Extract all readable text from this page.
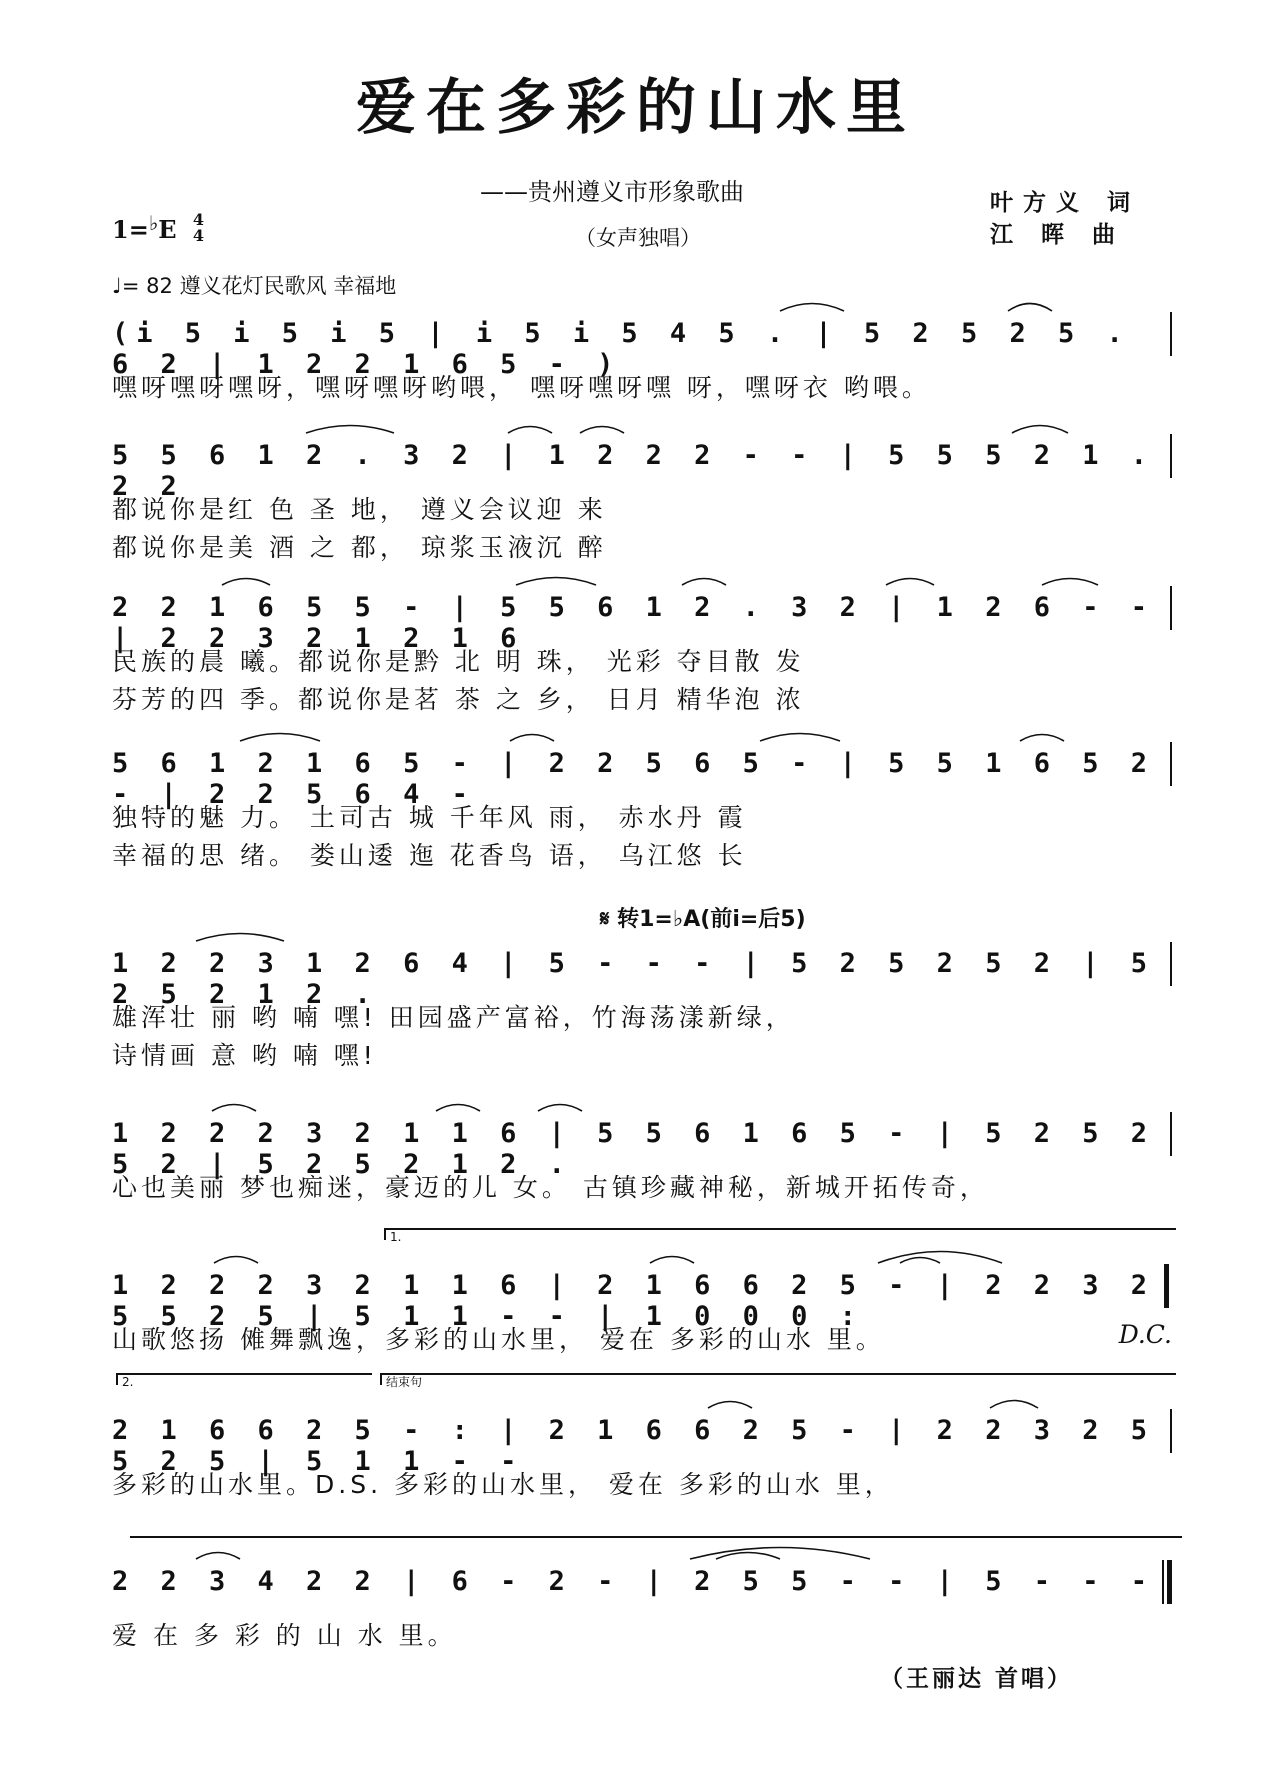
爱在多彩的山水里
——贵州遵义市形象歌曲
（女声独唱）
叶方义 词
江 晖 曲
1=♭E 4
4
♩= 82 遵义花灯民歌风 幸福地
(i 5 i 5 i 5 | i 5 i 5 4 5 . | 5 2 5 2 5 . 6 2 | 1 2 2 1 6 5 - )
嘿呀嘿呀嘿呀，嘿呀嘿呀哟喂， 嘿呀嘿呀嘿 呀，嘿呀衣 哟喂。
5 5 6 1 2 . 3 2 | 1 2 2 2 - - | 5 5 5 2 1 . 2 2
都说你是红 色 圣 地， 遵义会议迎 来
都说你是美 酒 之 都， 琼浆玉液沉 醉
2 2 1 6 5 5 - | 5 5 6 1 2 . 3 2 | 1 2 6 - - | 2 2 3 2 1 2 1 6
民族的晨 曦。都说你是黔 北 明 珠， 光彩 夺目散 发
芬芳的四 季。都说你是茗 茶 之 乡， 日月 精华泡 浓
5 6 1 2 1 6 5 - | 2 2 5 6 5 - | 5 5 1 6 5 2 - | 2 2 5 6 4 -
独特的魅 力。 土司古 城 千年风 雨， 赤水丹 霞
幸福的思 绪。 娄山逶 迤 花香鸟 语， 乌江悠 长
𝄋 转1=♭A(前i=后5)
1 2 2 3 1 2 6 4 | 5 - - - | 5 2 5 2 5 2 | 5 2 5 2 1 2 .
雄浑壮 丽 哟 喃 嘿! 田园盛产富裕，竹海荡漾新绿，
诗情画 意 哟 喃 嘿!
1 2 2 2 3 2 1 1 6 | 5 5 6 1 6 5 - | 5 2 5 2 5 2 | 5 2 5 2 1 2 .
心也美丽 梦也痴迷，豪迈的儿 女。 古镇珍藏神秘，新城开拓传奇，
1.
1 2 2 2 3 2 1 1 6 | 2 1 6 6 2 5 - | 2 2 3 2 5 5 2 5 | 5 1 1 - - | 1 0 0 0 :
山歌悠扬 傩舞飘逸，多彩的山水里， 爱在 多彩的山水 里。	D.C.
2.	结束句
2 1 6 6 2 5 - : | 2 1 6 6 2 5 - | 2 2 3 2 5 5 2 5 | 5 1 1 - -
多彩的山水里。D.S. 多彩的山水里， 爱在 多彩的山水 里，
2 2 3 4 2 2 | 6 - 2 - | 2 5 5 - - | 5 - - -
爱 在 多 彩 的 山 水 里。
（王丽达 首唱）
